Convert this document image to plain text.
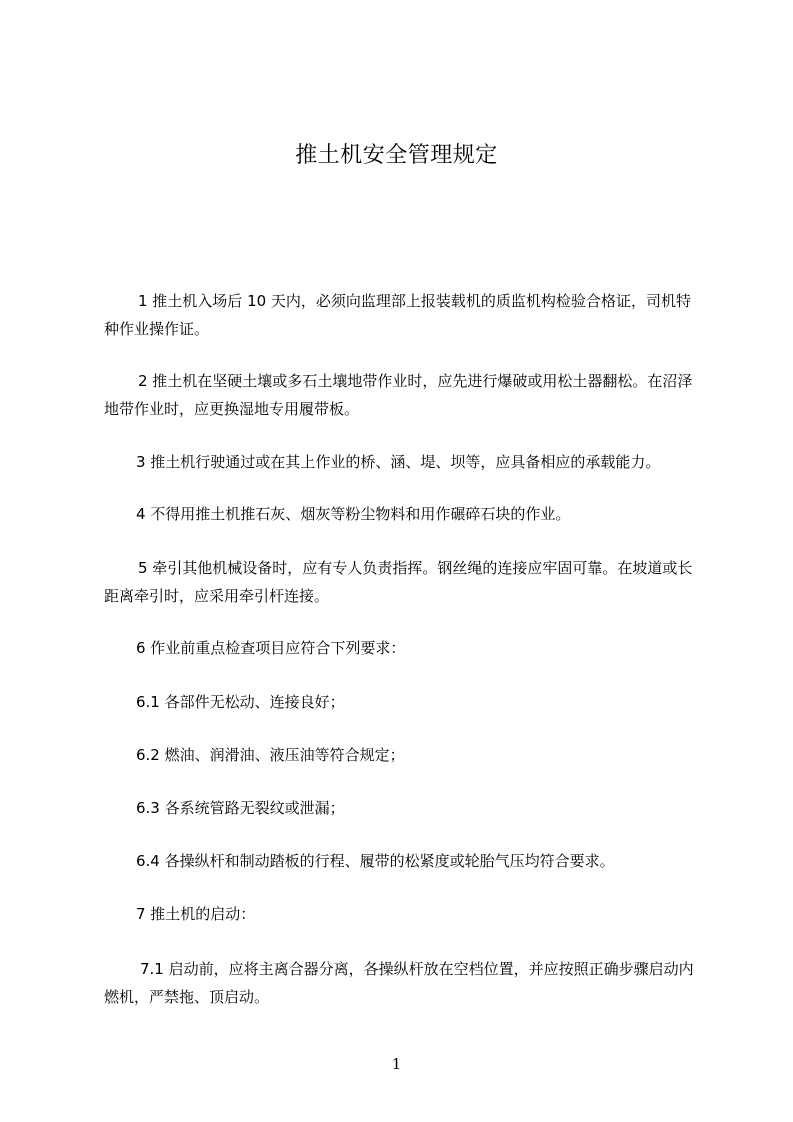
推土机安全管理规定

1 推土机入场后 10 天内，必须向监理部上报装载机的质监机构检验合格证，司机特种作业操作证。

2 推土机在坚硬土壤或多石土壤地带作业时，应先进行爆破或用松土器翻松。在沼泽地带作业时，应更换湿地专用履带板。

3 推土机行驶通过或在其上作业的桥、涵、堤、坝等，应具备相应的承载能力。

4 不得用推土机推石灰、烟灰等粉尘物料和用作碾碎石块的作业。

5 牵引其他机械设备时，应有专人负责指挥。钢丝绳的连接应牢固可靠。在坡道或长距离牵引时，应采用牵引杆连接。

6 作业前重点检查项目应符合下列要求：

6.1 各部件无松动、连接良好；

6.2 燃油、润滑油、液压油等符合规定；

6.3 各系统管路无裂纹或泄漏；

6.4 各操纵杆和制动踏板的行程、履带的松紧度或轮胎气压均符合要求。

7 推土机的启动：

7.1 启动前，应将主离合器分离，各操纵杆放在空档位置，并应按照正确步骤启动内燃机，严禁拖、顶启动。

1
